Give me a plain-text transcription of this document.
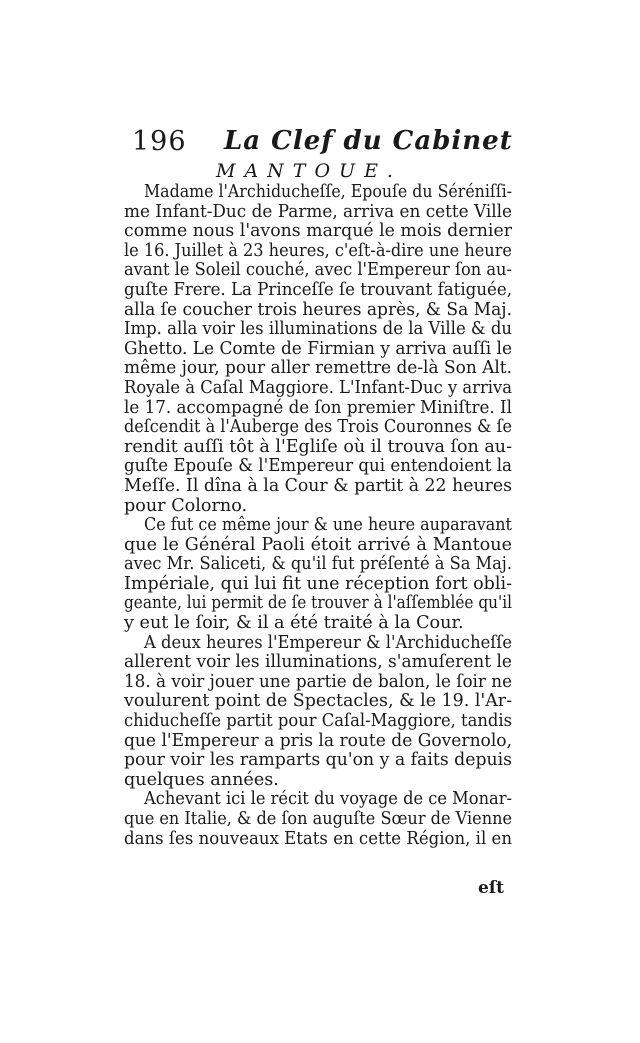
196 La Clef du Cabinet
MANTOUE.
Madame l'Archiducheſſe, Epouſe du Séréniſſi-
me Infant-Duc de Parme, arriva en cette Ville
comme nous l'avons marqué le mois dernier
le 16. Juillet à 23 heures, c'eſt-à-dire une heure
avant le Soleil couché, avec l'Empereur ſon au-
guſte Frere. La Princeſſe ſe trouvant fatiguée,
alla ſe coucher trois heures après, & Sa Maj.
Imp. alla voir les illuminations de la Ville & du
Ghetto. Le Comte de Firmian y arriva auſſi le
même jour, pour aller remettre de-là Son Alt.
Royale à Caſal Maggiore. L'Infant-Duc y arriva
le 17. accompagné de ſon premier Miniſtre. Il
deſcendit à l'Auberge des Trois Couronnes & ſe
rendit auſſi tôt à l'Egliſe où il trouva ſon au-
guſte Epouſe & l'Empereur qui entendoient la
Meſſe. Il dîna à la Cour & partit à 22 heures
pour Colorno.
Ce fut ce même jour & une heure auparavant
que le Général Paoli étoit arrivé à Mantoue
avec Mr. Saliceti, & qu'il fut préſenté à Sa Maj.
Impériale, qui lui fit une réception fort obli-
geante, lui permit de ſe trouver à l'aſſemblée qu'il
y eut le ſoir, & il a été traité à la Cour.
A deux heures l'Empereur & l'Archiducheſſe
allerent voir les illuminations, s'amuſerent le
18. à voir jouer une partie de balon, le ſoir ne
voulurent point de Spectacles, & le 19. l'Ar-
chiducheſſe partit pour Caſal-Maggiore, tandis
que l'Empereur a pris la route de Governolo,
pour voir les ramparts qu'on y a faits depuis
quelques années.
Achevant ici le récit du voyage de ce Monar-
que en Italie, & de ſon auguſte Sœur de Vienne
dans ſes nouveaux Etats en cette Région, il en
eſt
